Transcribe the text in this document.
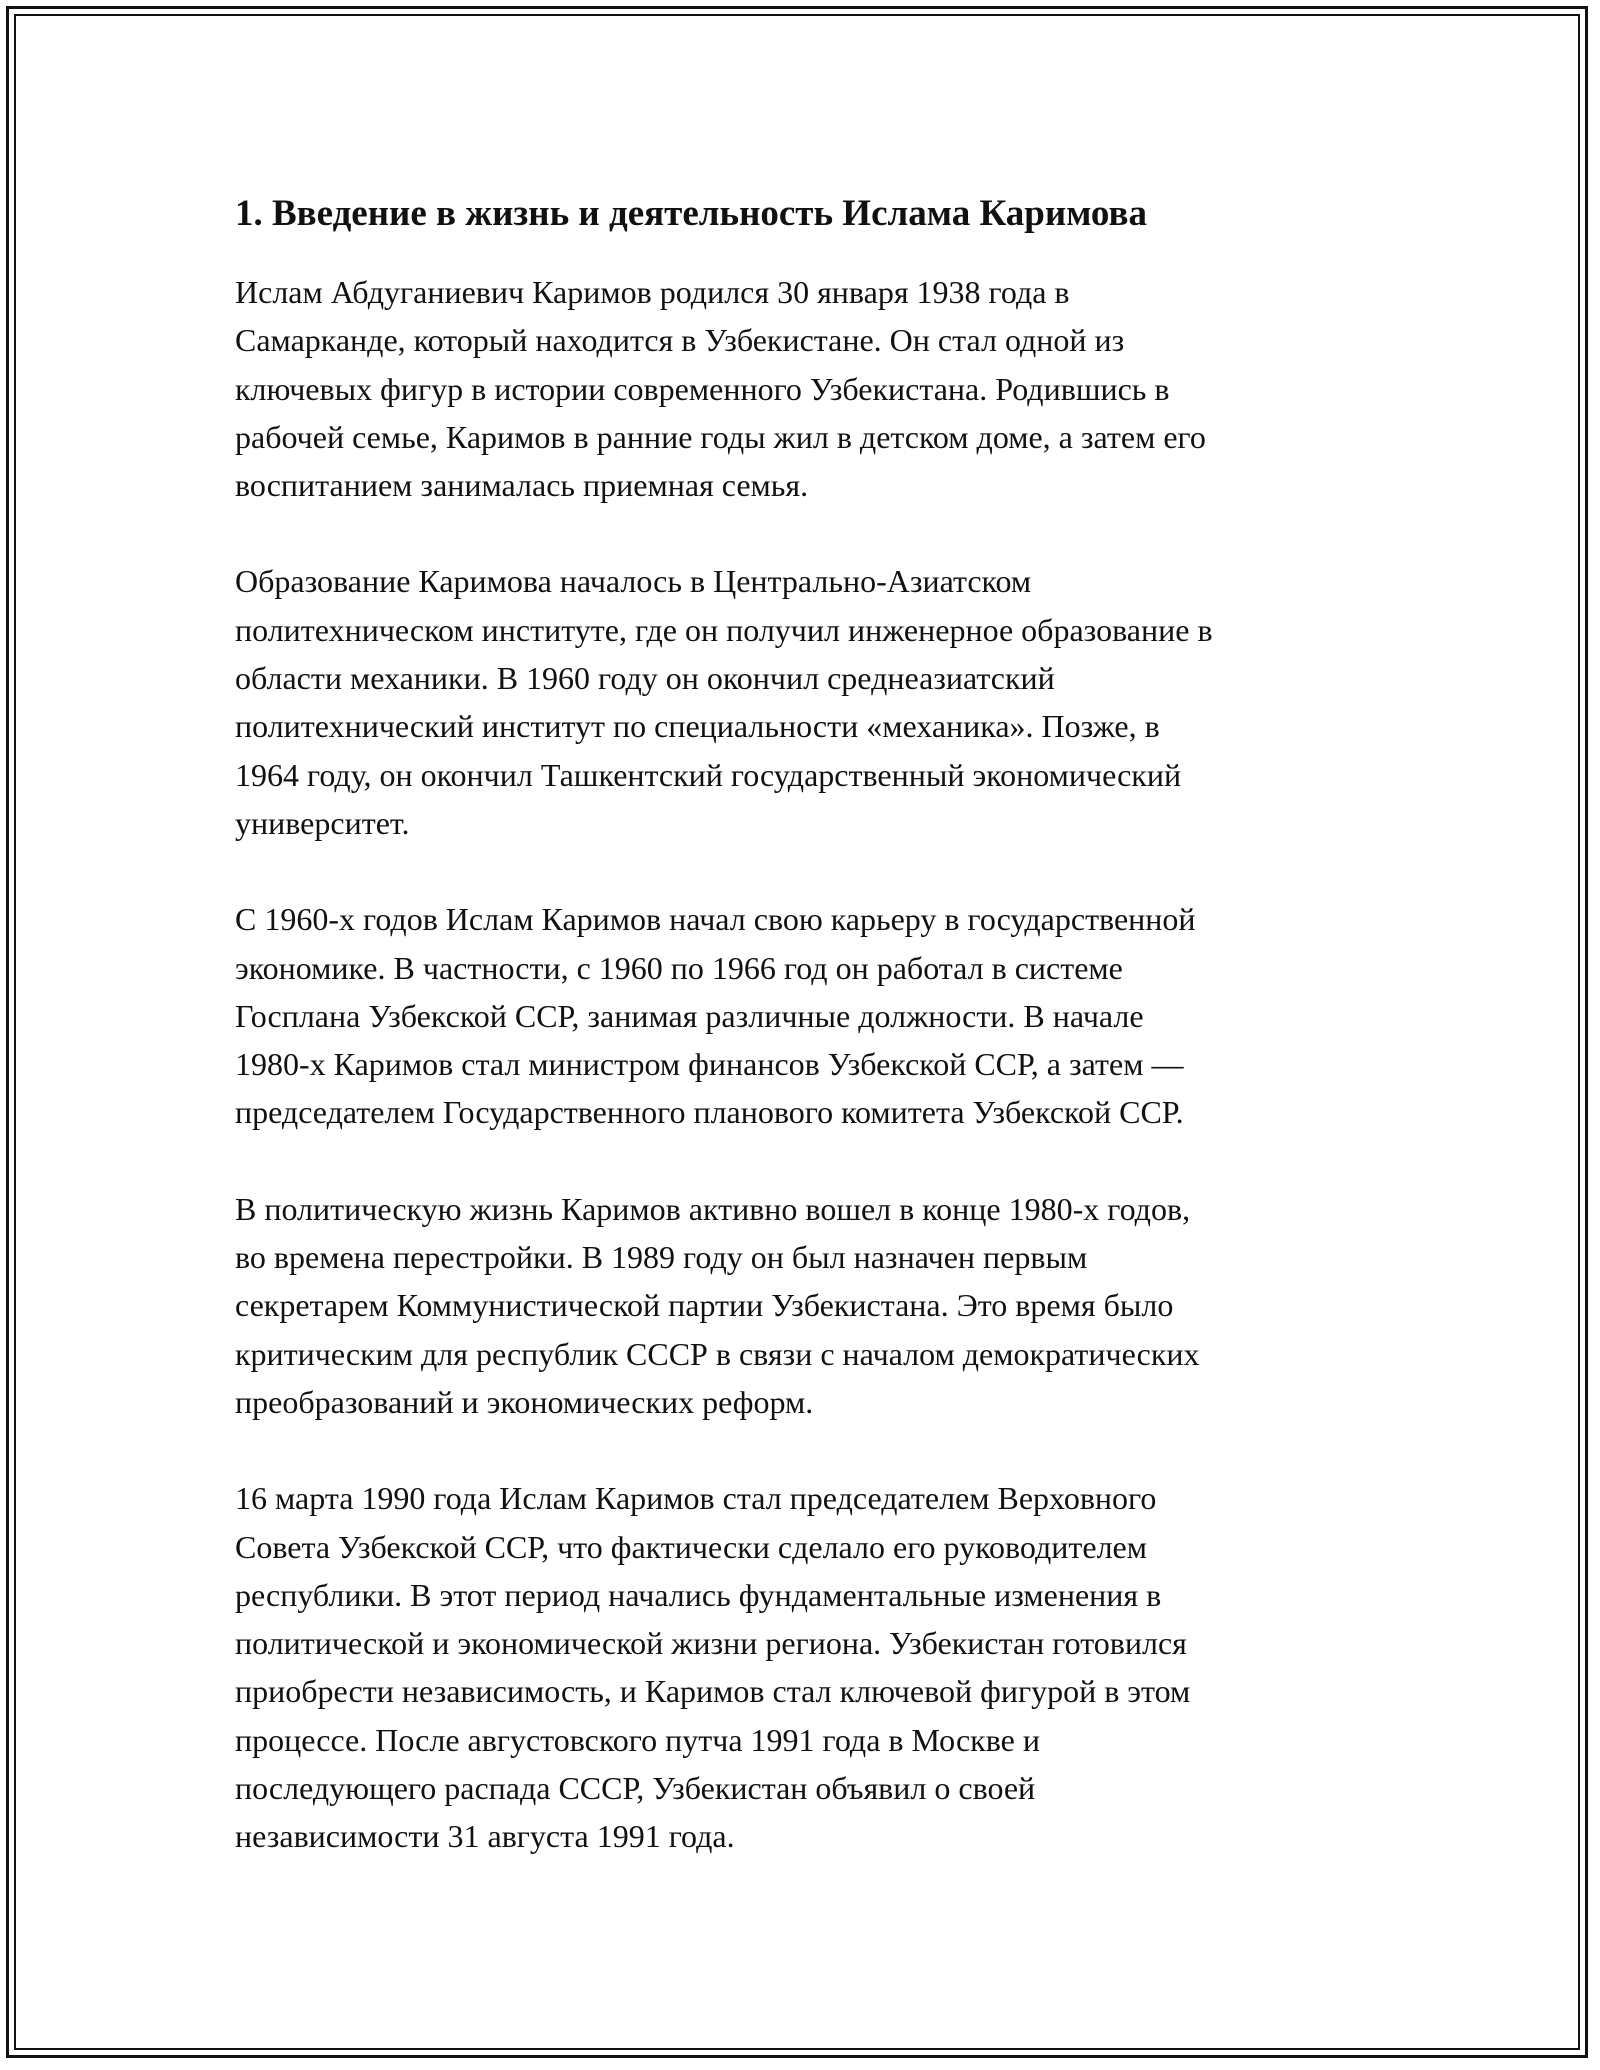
1. Введение в жизнь и деятельность Ислама Каримова

Ислам Абдуганиевич Каримов родился 30 января 1938 года в
Самарканде, который находится в Узбекистане. Он стал одной из
ключевых фигур в истории современного Узбекистана. Родившись в
рабочей семье, Каримов в ранние годы жил в детском доме, а затем его
воспитанием занималась приемная семья.

Образование Каримова началось в Центрально-Азиатском
политехническом институте, где он получил инженерное образование в
области механики. В 1960 году он окончил среднеазиатский
политехнический институт по специальности «механика». Позже, в
1964 году, он окончил Ташкентский государственный экономический
университет.

С 1960-х годов Ислам Каримов начал свою карьеру в государственной
экономике. В частности, с 1960 по 1966 год он работал в системе
Госплана Узбекской ССР, занимая различные должности. В начале
1980-х Каримов стал министром финансов Узбекской ССР, а затем —
председателем Государственного планового комитета Узбекской ССР.

В политическую жизнь Каримов активно вошел в конце 1980-х годов,
во времена перестройки. В 1989 году он был назначен первым
секретарем Коммунистической партии Узбекистана. Это время было
критическим для республик СССР в связи с началом демократических
преобразований и экономических реформ.

16 марта 1990 года Ислам Каримов стал председателем Верховного
Совета Узбекской ССР, что фактически сделало его руководителем
республики. В этот период начались фундаментальные изменения в
политической и экономической жизни региона. Узбекистан готовился
приобрести независимость, и Каримов стал ключевой фигурой в этом
процессе. После августовского путча 1991 года в Москве и
последующего распада СССР, Узбекистан объявил о своей
независимости 31 августа 1991 года.
